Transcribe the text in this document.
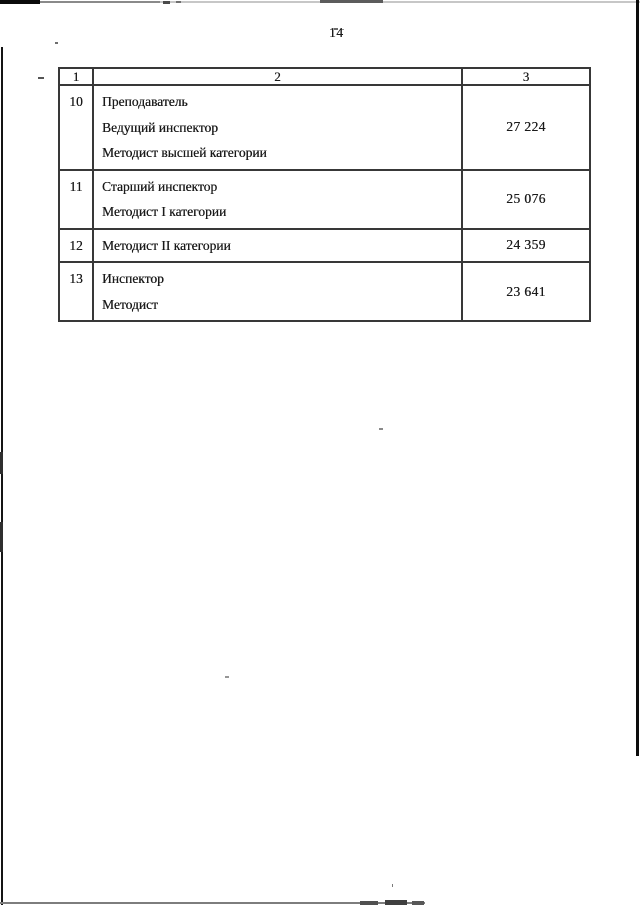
14
1	2	3
10	Преподаватель
Ведущий инспектор
Методист высшей категории	27 224
11	Старший инспектор
Методист I категории	25 076
12	Методист II категории	24 359
13	Инспектор
Методист	23 641
